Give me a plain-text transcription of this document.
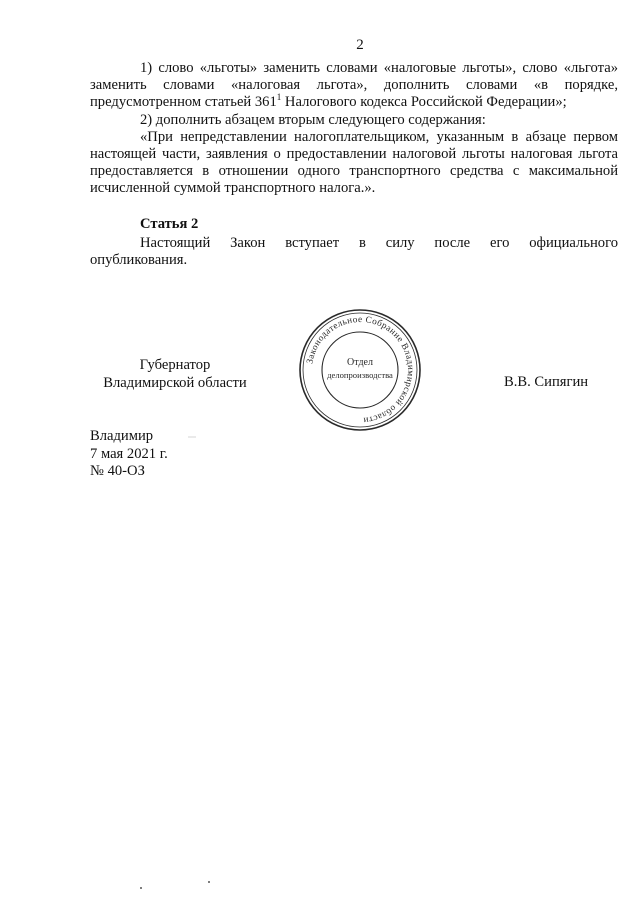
2

1) слово «льготы» заменить словами «налоговые льготы», слово «льгота» заменить словами «налоговая льгота», дополнить словами «в порядке, предусмотренном статьей $361^1$ Налогового кодекса Российской Федерации»;

2) дополнить абзацем вторым следующего содержания:

«При непредставлении налогоплательщиком, указанным в абзаце первом настоящей части, заявления о предоставлении налоговой льготы налоговая льгота предоставляется в отношении одного транспортного средства с максимальной исчисленной суммой транспортного налога.».

Статья 2
Настоящий Закон вступает в силу после его официального
опубликования.
Губернатор
Владимирской области
Законодательное Собрание Владимирской области
Отдел
делопроизводства	В.В. Сипягин
Владимир
7 мая 2021 г.
№ 40-ОЗ
